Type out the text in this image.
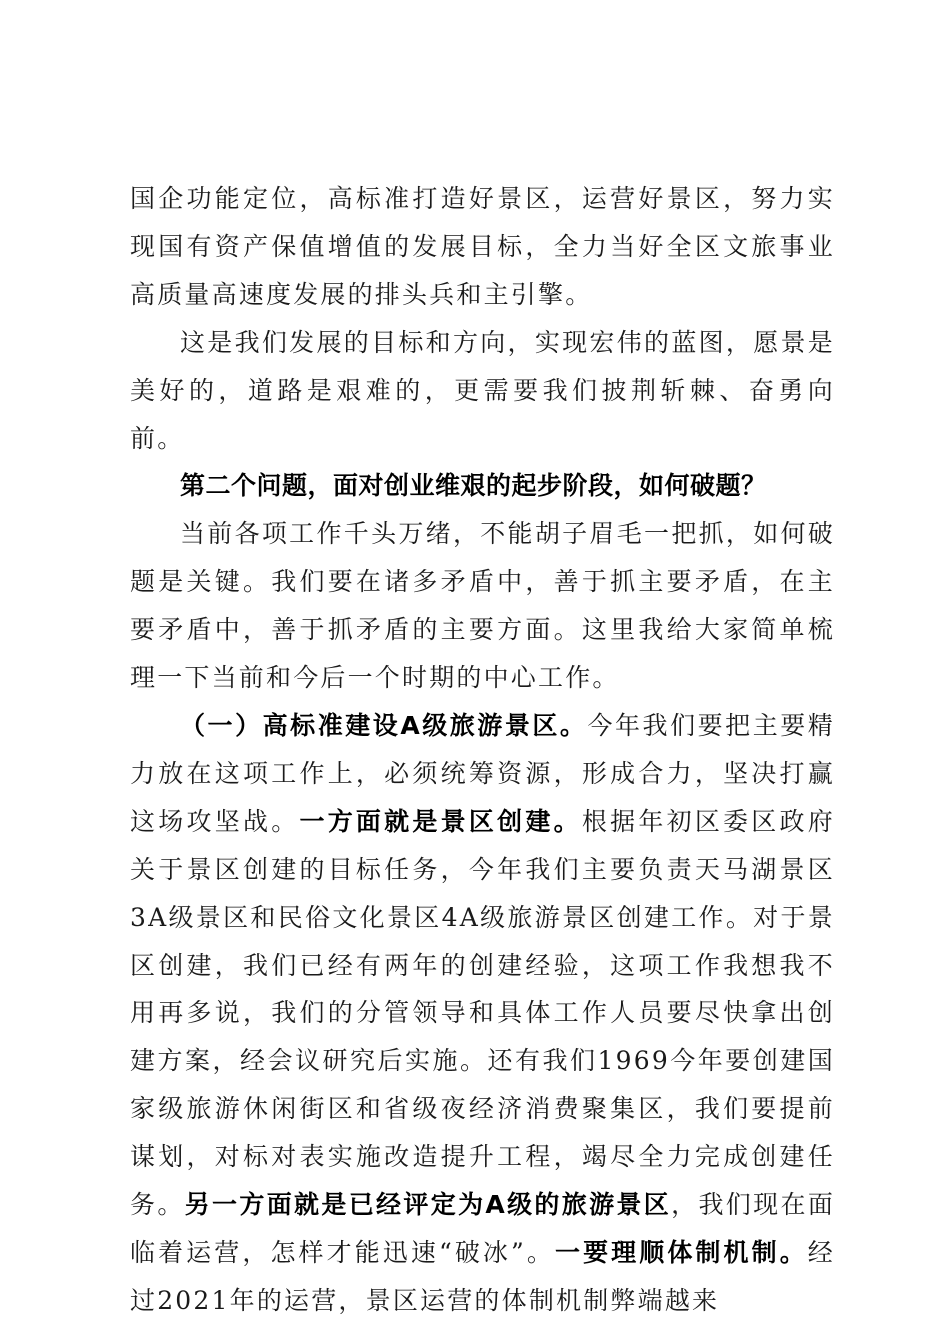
国企功能定位，高标准打造好景区，运营好景区，努力实现国有资产保值增值的发展目标，全力当好全区文旅事业高质量高速度发展的排头兵和主引擎。

这是我们发展的目标和方向，实现宏伟的蓝图，愿景是美好的，道路是艰难的，更需要我们披荆斩棘、奋勇向前。

第二个问题，面对创业维艰的起步阶段，如何破题？

当前各项工作千头万绪，不能胡子眉毛一把抓，如何破题是关键。我们要在诸多矛盾中，善于抓主要矛盾，在主要矛盾中，善于抓矛盾的主要方面。这里我给大家简单梳理一下当前和今后一个时期的中心工作。

（一）高标准建设A级旅游景区。今年我们要把主要精力放在这项工作上，必须统筹资源，形成合力，坚决打赢这场攻坚战。一方面就是景区创建。根据年初区委区政府关于景区创建的目标任务，今年我们主要负责天马湖景区3A级景区和民俗文化景区4A级旅游景区创建工作。对于景区创建，我们已经有两年的创建经验，这项工作我想我不用再多说，我们的分管领导和具体工作人员要尽快拿出创建方案，经会议研究后实施。还有我们1969今年要创建国家级旅游休闲街区和省级夜经济消费聚集区，我们要提前谋划，对标对表实施改造提升工程，竭尽全力完成创建任务。另一方面就是已经评定为A级的旅游景区，我们现在面临着运营，怎样才能迅速“破冰”。一要理顺体制机制。经过2021年的运营，景区运营的体制机制弊端越来
